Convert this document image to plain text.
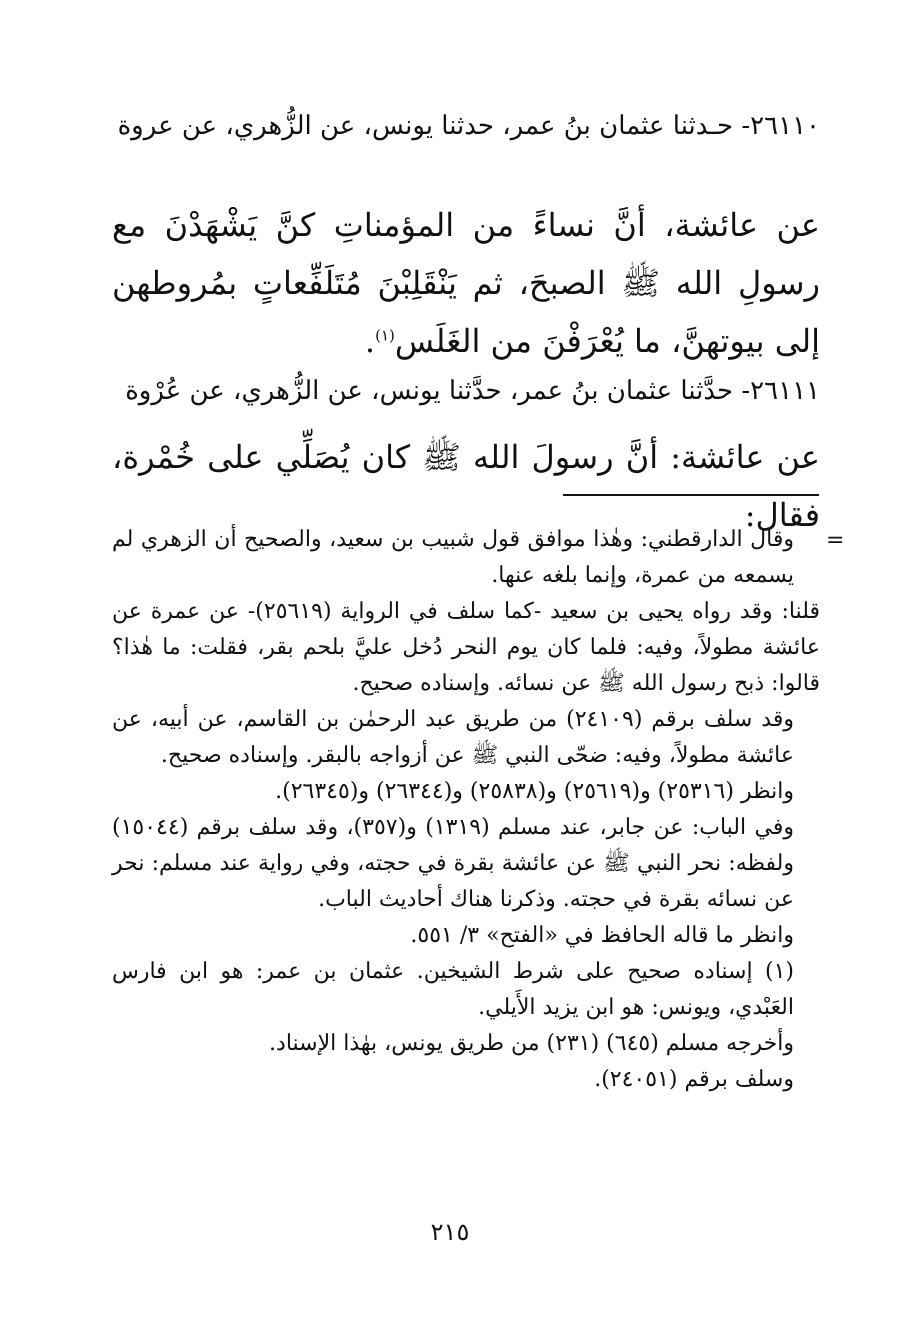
٢٦١١٠- حـدثنا عثمان بنُ عمر، حدثنا يونس، عن الزُّهري، عن عروة
عن عائشة، أنَّ نساءً من المؤمناتِ كنَّ يَشْهَدْنَ مع رسولِ الله ﷺ الصبحَ، ثم يَنْقَلِبْنَ مُتَلَفِّعاتٍ بمُروطهن إلى بيوتهنَّ، ما يُعْرَفْنَ من الغَلَس$^{(١)}$.
٢٦١١١- حدَّثنا عثمان بنُ عمر، حدَّثنا يونس، عن الزُّهري، عن عُرْوة
عن عائشة: أنَّ رسولَ الله ﷺ كان يُصَلِّي على خُمْرة، فقال:
=

وقال الدارقطني: وهٰذا موافق قول شبيب بن سعيد، والصحيح أن الزهري لم يسمعه من عمرة، وإنما بلغه عنها.

قلنا: وقد رواه يحيى بن سعيد -كما سلف في الرواية (٢٥٦١٩)- عن عمرة عن عائشة مطولاً، وفيه: فلما كان يوم النحر دُخل عليَّ بلحم بقر، فقلت: ما هٰذا؟ قالوا: ذبح رسول الله ﷺ عن نسائه. وإسناده صحيح.

وقد سلف برقم (٢٤١٠٩) من طريق عبد الرحمٰن بن القاسم، عن أبيه، عن عائشة مطولاً، وفيه: ضحّى النبي ﷺ عن أزواجه بالبقر. وإسناده صحيح.

وانظر (٢٥٣١٦) و(٢٥٦١٩) و(٢٥٨٣٨) و(٢٦٣٤٤) و(٢٦٣٤٥).

وفي الباب: عن جابر، عند مسلم (١٣١٩) و(٣٥٧)، وقد سلف برقم (١٥٠٤٤) ولفظه: نحر النبي ﷺ عن عائشة بقرة في حجته، وفي رواية عند مسلم: نحر عن نسائه بقرة في حجته. وذكرنا هناك أحاديث الباب.

وانظر ما قاله الحافظ في «الفتح» ٣/ ٥٥١.

(١) إسناده صحيح على شرط الشيخين. عثمان بن عمر: هو ابن فارس العَبْدي، ويونس: هو ابن يزيد الأَيلي.

وأخرجه مسلم (٦٤٥) (٢٣١) من طريق يونس، بهٰذا الإسناد.

وسلف برقم (٢٤٠٥١).

٢١٥
